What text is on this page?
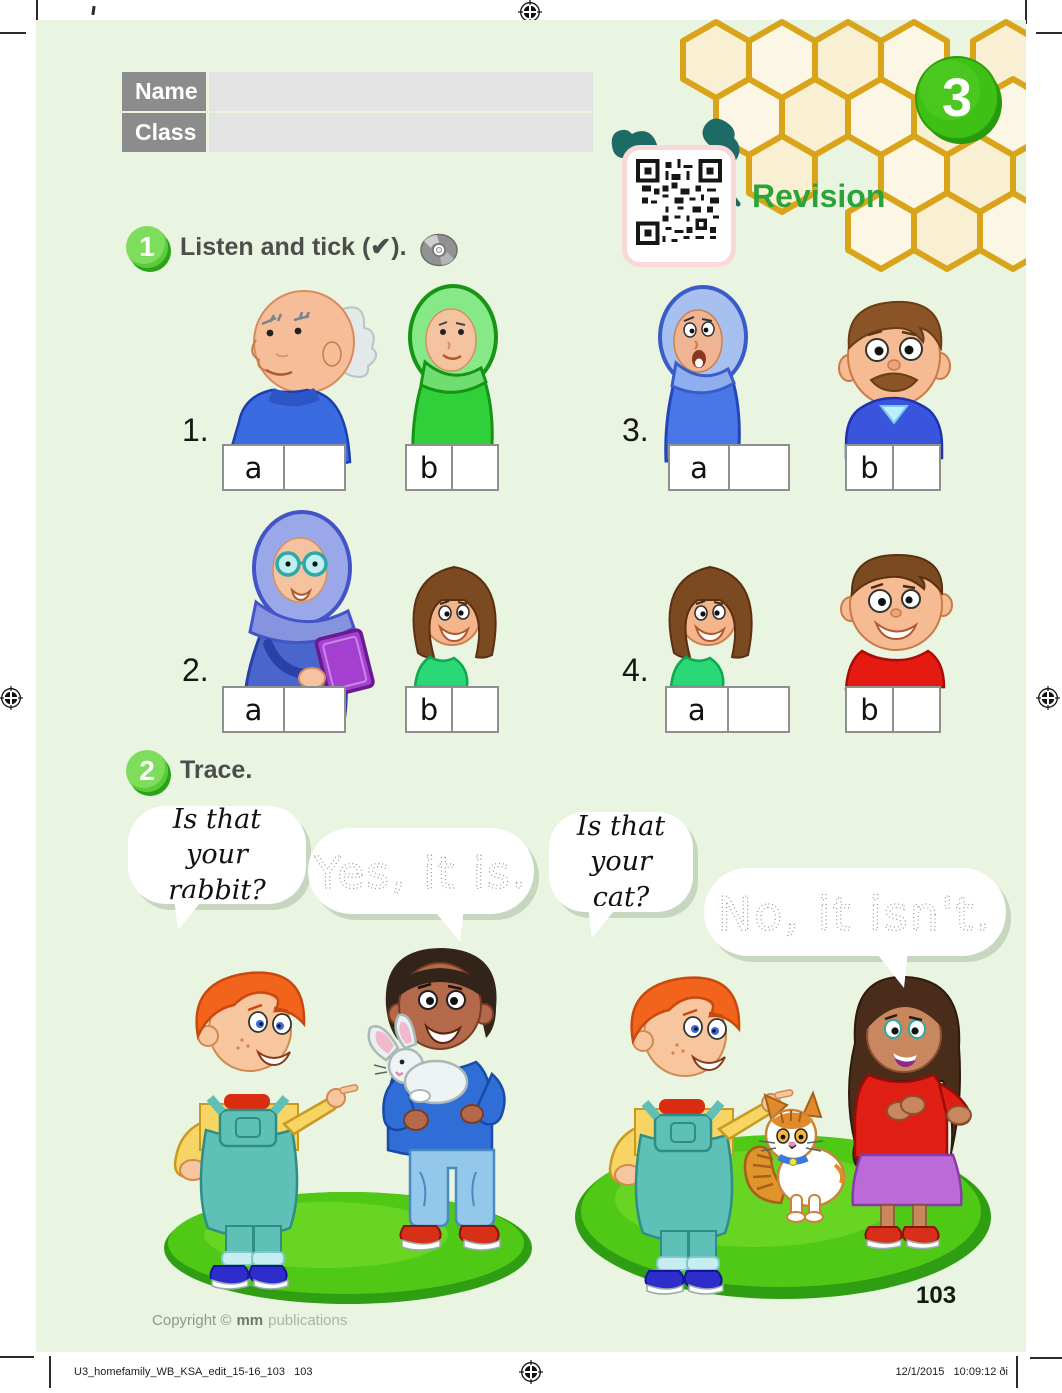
3
Revision
Name
Class
1	Listen and tick (✔).
1.	3.
2.	4.
a	b	a	b
a	b	a	b
2	Trace.
Is that your rabbit?	Yes, it is.
Is that your cat?	No, it isn't.

Copyright © mm publications

103
U3_homefamily_WB_KSA_edit_15-16_103   103	12/1/2015   10:09:12 ði
